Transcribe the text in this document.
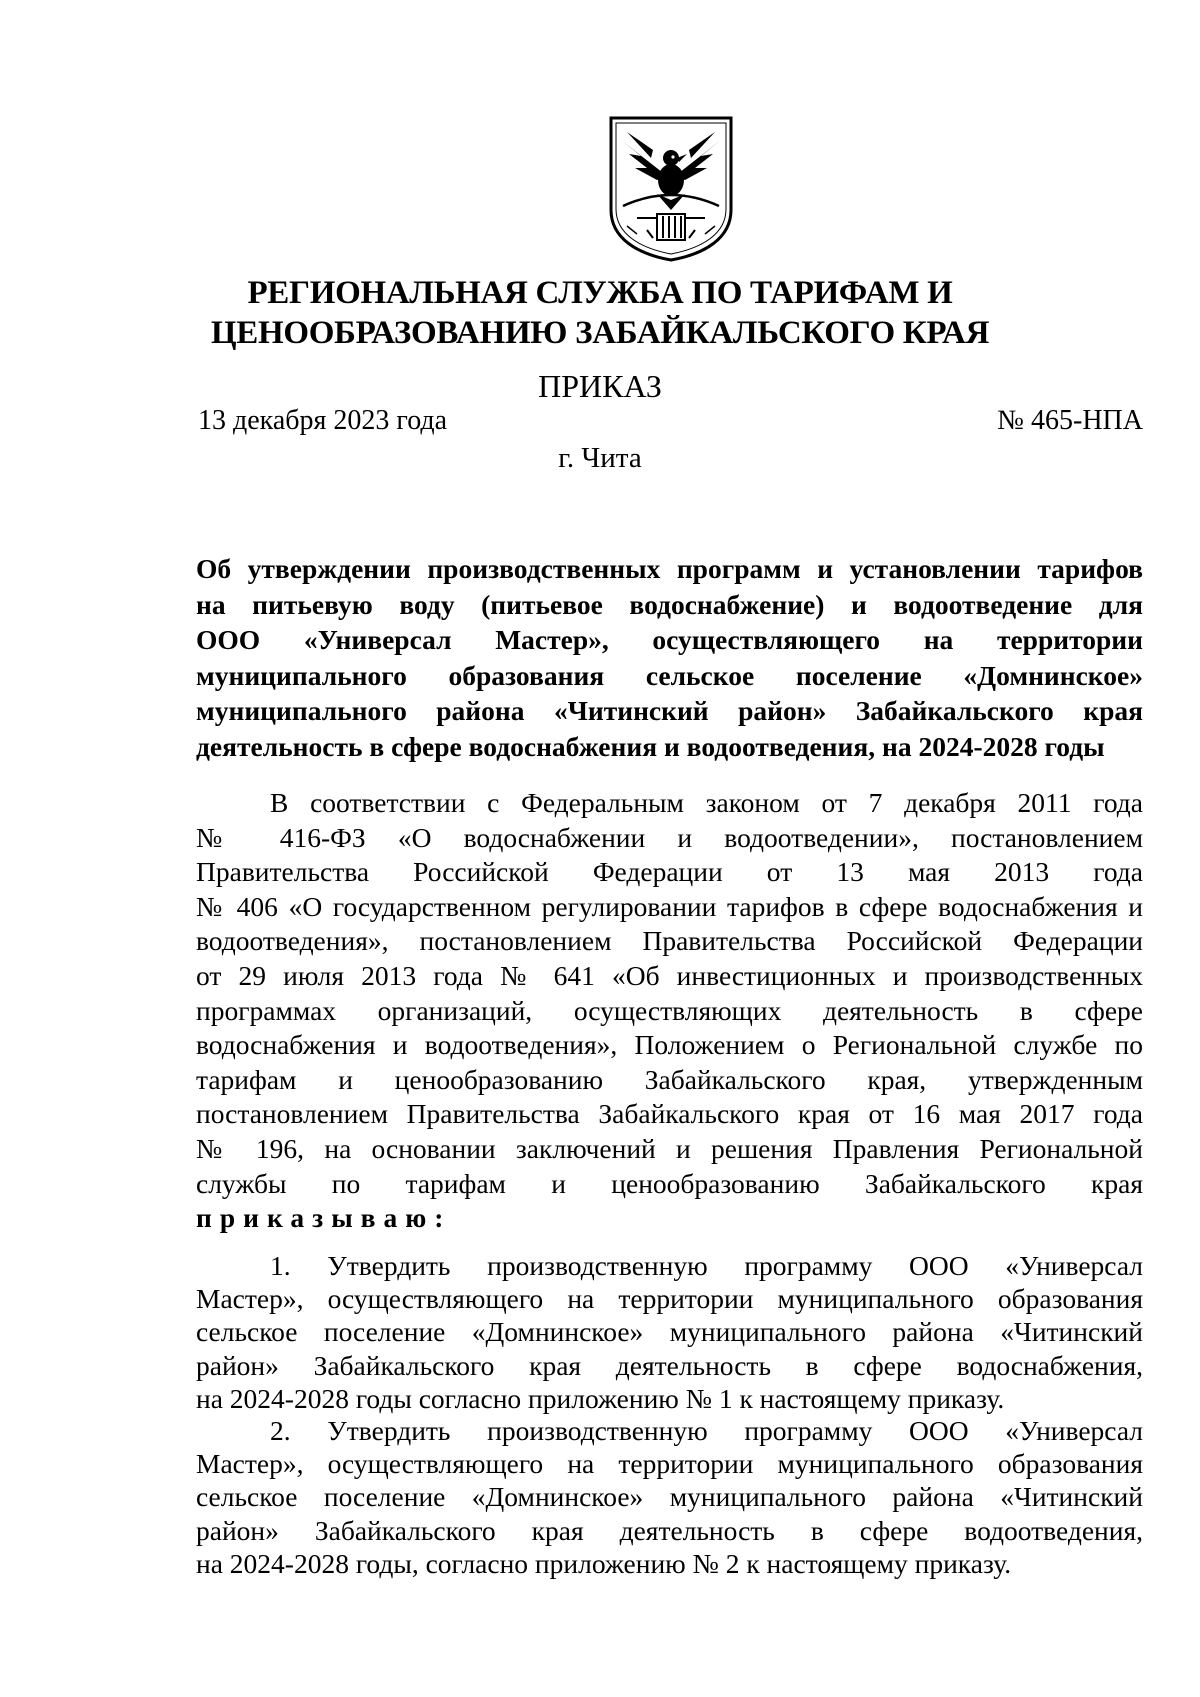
РЕГИОНАЛЬНАЯ СЛУЖБА ПО ТАРИФАМ И
ЦЕНООБРАЗОВАНИЮ ЗАБАЙКАЛЬСКОГО КРАЯ
ПРИКАЗ
13 декабря 2023 года	№ 465-НПА
г. Чита
Об утверждении производственных программ и установлении тарифов
на питьевую воду (питьевое водоснабжение) и водоотведение для
ООО «Универсал Мастер», осуществляющего на территории
муниципального образования сельское поселение «Домнинское»
муниципального района «Читинский район» Забайкальского края
деятельность в сфере водоснабжения и водоотведения, на 2024-2028 годы
В соответствии с Федеральным законом от 7 декабря 2011 года
№ 416-ФЗ «О водоснабжении и водоотведении», постановлением
Правительства Российской Федерации от 13 мая 2013 года
№ 406 «О государственном регулировании тарифов в сфере водоснабжения и
водоотведения», постановлением Правительства Российской Федерации
от 29 июля 2013 года № 641 «Об инвестиционных и производственных
программах организаций, осуществляющих деятельность в сфере
водоснабжения и водоотведения», Положением о Региональной службе по
тарифам и ценообразованию Забайкальского края, утвержденным
постановлением Правительства Забайкальского края от 16 мая 2017 года
№ 196, на основании заключений и решения Правления Региональной
службы по тарифам и ценообразованию Забайкальского края
приказываю:
1. Утвердить производственную программу ООО «Универсал
Мастер», осуществляющего на территории муниципального образования
сельское поселение «Домнинское» муниципального района «Читинский
район» Забайкальского края деятельность в сфере водоснабжения,
на 2024-2028 годы согласно приложению № 1 к настоящему приказу.
2. Утвердить производственную программу ООО «Универсал
Мастер», осуществляющего на территории муниципального образования
сельское поселение «Домнинское» муниципального района «Читинский
район» Забайкальского края деятельность в сфере водоотведения,
на 2024-2028 годы, согласно приложению № 2 к настоящему приказу.
